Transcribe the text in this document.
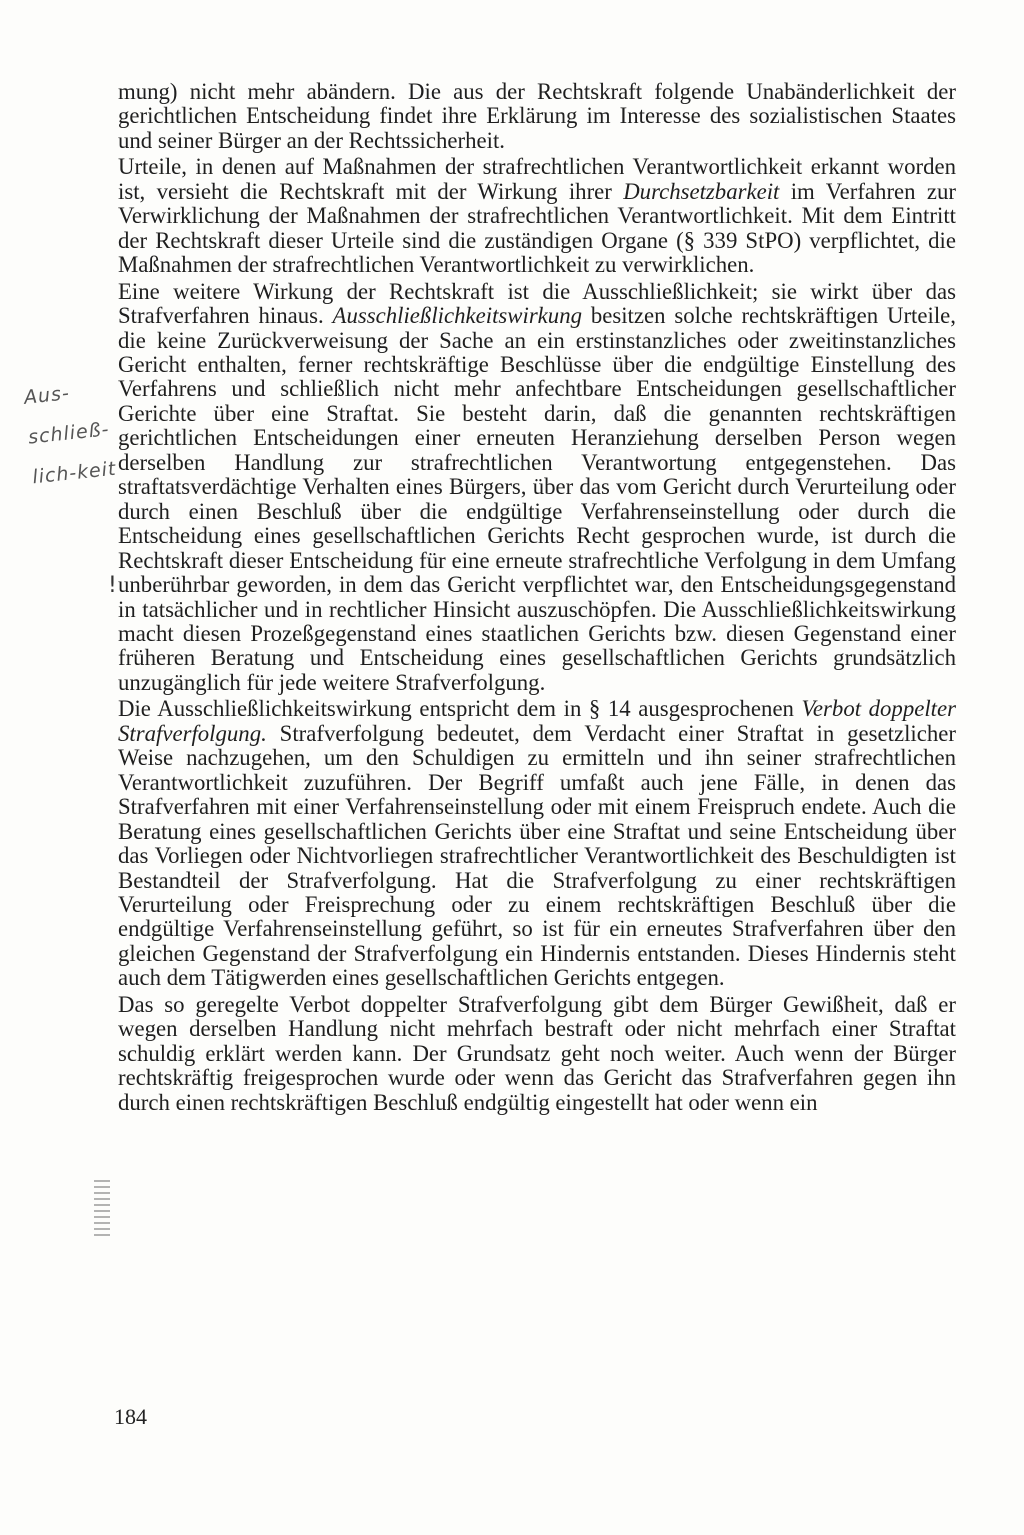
mung) nicht mehr abändern. Die aus der Rechtskraft folgende Unabänderlichkeit der gerichtlichen Entscheidung findet ihre Erklärung im Interesse des sozialistischen Staates und seiner Bürger an der Rechtssicherheit.

Urteile, in denen auf Maßnahmen der strafrechtlichen Verantwortlichkeit erkannt worden ist, versieht die Rechtskraft mit der Wirkung ihrer Durchsetzbarkeit im Verfahren zur Verwirklichung der Maßnahmen der strafrechtlichen Verantwortlichkeit. Mit dem Eintritt der Rechtskraft dieser Urteile sind die zuständigen Organe (§ 339 StPO) verpflichtet, die Maßnahmen der strafrechtlichen Verantwortlichkeit zu verwirklichen.

Eine weitere Wirkung der Rechtskraft ist die Ausschließlichkeit; sie wirkt über das Strafverfahren hinaus. Ausschließlichkeitswirkung besitzen solche rechtskräftigen Urteile, die keine Zurückverweisung der Sache an ein erstinstanzliches oder zweitinstanzliches Gericht enthalten, ferner rechtskräftige Beschlüsse über die endgültige Einstellung des Verfahrens und schließlich nicht mehr anfechtbare Entscheidungen gesellschaftlicher Gerichte über eine Straftat. Sie besteht darin, daß die genannten rechtskräftigen gerichtlichen Entscheidungen einer erneuten Heranziehung derselben Person wegen derselben Handlung zur strafrechtlichen Verantwortung entgegenstehen. Das straftatsverdächtige Verhalten eines Bürgers, über das vom Gericht durch Verurteilung oder durch einen Beschluß über die endgültige Verfahrenseinstellung oder durch die Entscheidung eines gesellschaftlichen Gerichts Recht gesprochen wurde, ist durch die Rechtskraft dieser Entscheidung für eine erneute strafrechtliche Verfolgung in dem Umfang unberührbar geworden, in dem das Gericht verpflichtet war, den Entscheidungsgegenstand in tatsächlicher und in rechtlicher Hinsicht auszuschöpfen. Die Ausschließlichkeitswirkung macht diesen Prozeßgegenstand eines staatlichen Gerichts bzw. diesen Gegenstand einer früheren Beratung und Entscheidung eines gesellschaftlichen Gerichts grundsätzlich unzugänglich für jede weitere Strafverfolgung.

Die Ausschließlichkeitswirkung entspricht dem in § 14 ausgesprochenen Verbot doppelter Strafverfolgung. Strafverfolgung bedeutet, dem Verdacht einer Straftat in gesetzlicher Weise nachzugehen, um den Schuldigen zu ermitteln und ihn seiner strafrechtlichen Verantwortlichkeit zuzuführen. Der Begriff umfaßt auch jene Fälle, in denen das Strafverfahren mit einer Verfahrenseinstellung oder mit einem Freispruch endete. Auch die Beratung eines gesellschaftlichen Gerichts über eine Straftat und seine Entscheidung über das Vorliegen oder Nichtvorliegen strafrechtlicher Verantwortlichkeit des Beschuldigten ist Bestandteil der Strafverfolgung. Hat die Strafverfolgung zu einer rechtskräftigen Verurteilung oder Freisprechung oder zu einem rechtskräftigen Beschluß über die endgültige Verfahrenseinstellung geführt, so ist für ein erneutes Strafverfahren über den gleichen Gegenstand der Strafverfolgung ein Hindernis entstanden. Dieses Hindernis steht auch dem Tätigwerden eines gesellschaftlichen Gerichts entgegen.

Das so geregelte Verbot doppelter Strafverfolgung gibt dem Bürger Gewißheit, daß er wegen derselben Handlung nicht mehrfach bestraft oder nicht mehrfach einer Straftat schuldig erklärt werden kann. Der Grundsatz geht noch weiter. Auch wenn der Bürger rechtskräftig freigesprochen wurde oder wenn das Gericht das Strafverfahren gegen ihn durch einen rechtskräftigen Beschluß endgültig eingestellt hat oder wenn ein

Aus-schließ-lich-keit
!
184
